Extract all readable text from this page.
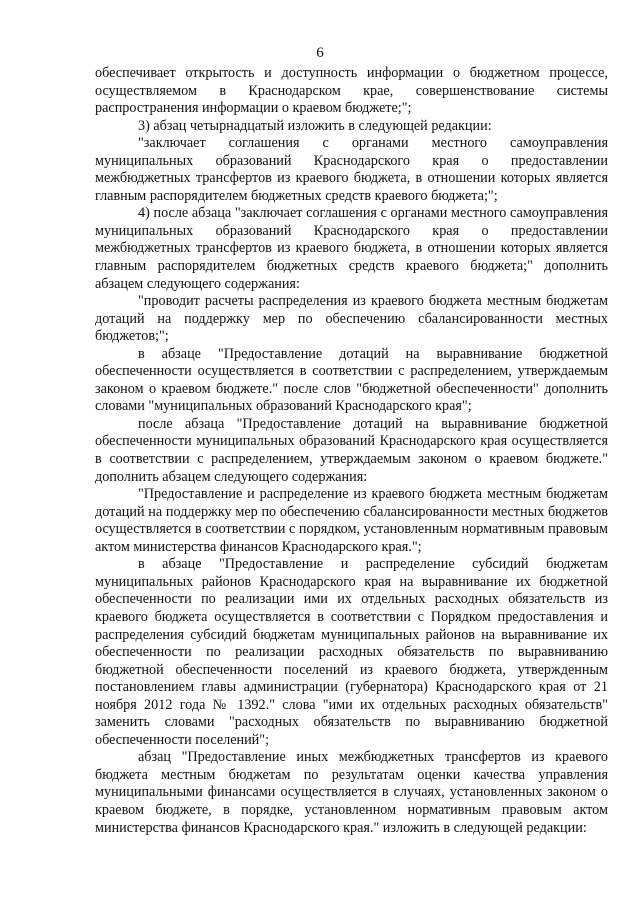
6

обеспечивает открытость и доступность информации о бюджетном процессе, осуществляемом в Краснодарском крае, совершенствование системы распространения информации о краевом бюджете;";

3) абзац четырнадцатый изложить в следующей редакции:

"заключает соглашения с органами местного самоуправления муниципальных образований Краснодарского края о предоставлении межбюджетных трансфертов из краевого бюджета, в отношении которых является главным распорядителем бюджетных средств краевого бюджета;";

4) после абзаца "заключает соглашения с органами местного самоуправления муниципальных образований Краснодарского края о предоставлении межбюджетных трансфертов из краевого бюджета, в отношении которых является главным распорядителем бюджетных средств краевого бюджета;" дополнить абзацем следующего содержания:

"проводит расчеты распределения из краевого бюджета местным бюджетам дотаций на поддержку мер по обеспечению сбалансированности местных бюджетов;";

в абзаце "Предоставление дотаций на выравнивание бюджетной обеспеченности осуществляется в соответствии с распределением, утверждаемым законом о краевом бюджете." после слов "бюджетной обеспеченности" дополнить словами "муниципальных образований Краснодарского края";

после абзаца "Предоставление дотаций на выравнивание бюджетной обеспеченности муниципальных образований Краснодарского края осуществляется в соответствии с распределением, утверждаемым законом о краевом бюджете." дополнить абзацем следующего содержания:

"Предоставление и распределение из краевого бюджета местным бюджетам дотаций на поддержку мер по обеспечению сбалансированности местных бюджетов осуществляется в соответствии с порядком, установленным нормативным правовым актом министерства финансов Краснодарского края.";

в абзаце "Предоставление и распределение субсидий бюджетам муниципальных районов Краснодарского края на выравнивание их бюджетной обеспеченности по реализации ими их отдельных расходных обязательств из краевого бюджета осуществляется в соответствии с Порядком предоставления и распределения субсидий бюджетам муниципальных районов на выравнивание их обеспеченности по реализации расходных обязательств по выравниванию бюджетной обеспеченности поселений из краевого бюджета, утвержденным постановлением главы администрации (губернатора) Краснодарского края от 21 ноября 2012 года № 1392." слова "ими их отдельных расходных обязательств" заменить словами "расходных обязательств по выравниванию бюджетной обеспеченности поселений";

абзац "Предоставление иных межбюджетных трансфертов из краевого бюджета местным бюджетам по результатам оценки качества управления муниципальными финансами осуществляется в случаях, установленных законом о краевом бюджете, в порядке, установленном нормативным правовым актом министерства финансов Краснодарского края." изложить в следующей редакции:
